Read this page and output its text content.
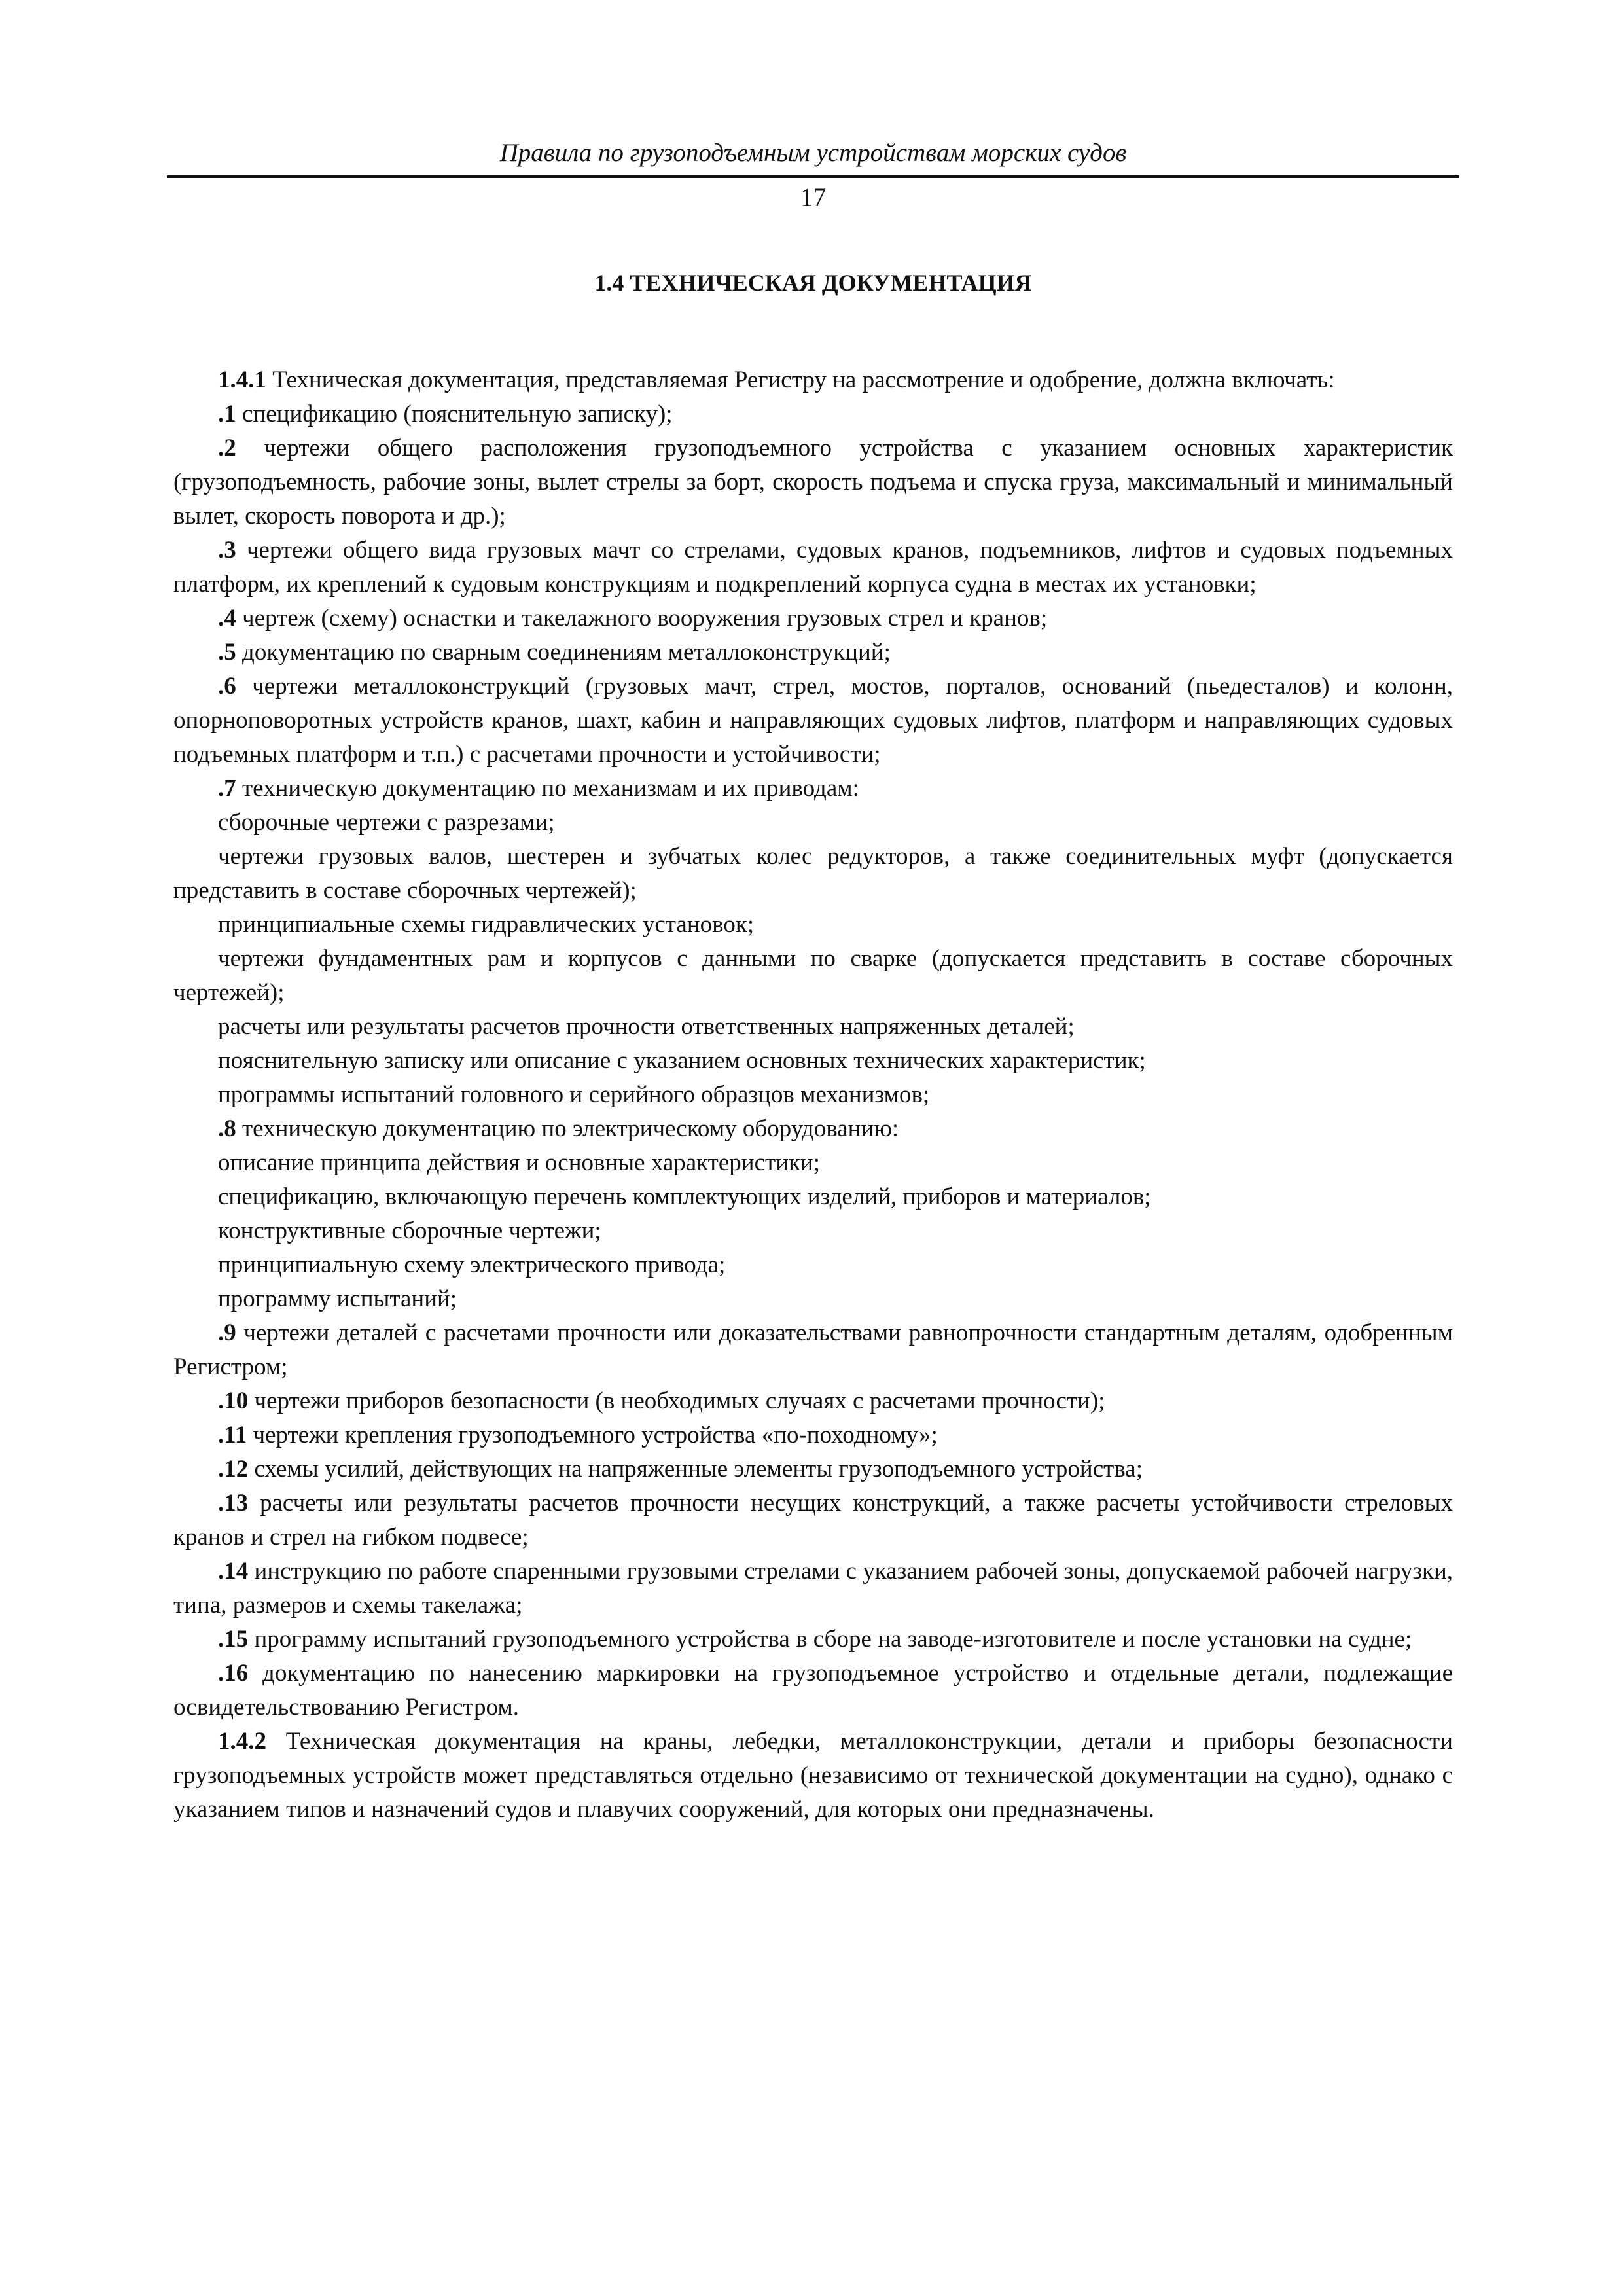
Правила по грузоподъемным устройствам морских судов
17
1.4 ТЕХНИЧЕСКАЯ ДОКУМЕНТАЦИЯ

1.4.1 Техническая документация, представляемая Регистру на рассмотрение и одобрение, должна включать:

.1 спецификацию (пояснительную записку);

.2 чертежи общего расположения грузоподъемного устройства с указанием основных характеристик (грузоподъемность, рабочие зоны, вылет стрелы за борт, скорость подъема и спуска груза, максимальный и минимальный вылет, скорость поворота и др.);

.3 чертежи общего вида грузовых мачт со стрелами, судовых кранов, подъемников, лифтов и судовых подъемных платформ, их креплений к судовым конструкциям и подкреплений корпуса судна в местах их установки;

.4 чертеж (схему) оснастки и такелажного вооружения грузовых стрел и кранов;

.5 документацию по сварным соединениям металлоконструкций;

.6 чертежи металлоконструкций (грузовых мачт, стрел, мостов, порталов, оснований (пьедесталов) и колонн, опорноповоротных устройств кранов, шахт, кабин и направляющих судовых лифтов, платформ и направляющих судовых подъемных платформ и т.п.) с расчетами прочности и устойчивости;

.7 техническую документацию по механизмам и их приводам:

сборочные чертежи с разрезами;

чертежи грузовых валов, шестерен и зубчатых колес редукторов, а также соединительных муфт (допускается представить в составе сборочных чертежей);

принципиальные схемы гидравлических установок;

чертежи фундаментных рам и корпусов с данными по сварке (допускается представить в составе сборочных чертежей);

расчеты или результаты расчетов прочности ответственных напряженных деталей;

пояснительную записку или описание с указанием основных технических характеристик;

программы испытаний головного и серийного образцов механизмов;

.8 техническую документацию по электрическому оборудованию:

описание принципа действия и основные характеристики;

спецификацию, включающую перечень комплектующих изделий, приборов и материалов;

конструктивные сборочные чертежи;

принципиальную схему электрического привода;

программу испытаний;

.9 чертежи деталей с расчетами прочности или доказательствами равнопрочности стандартным деталям, одобренным Регистром;

.10 чертежи приборов безопасности (в необходимых случаях с расчетами прочности);

.11 чертежи крепления грузоподъемного устройства «по-походному»;

.12 схемы усилий, действующих на напряженные элементы грузоподъемного устройства;

.13 расчеты или результаты расчетов прочности несущих конструкций, а также расчеты устойчивости стреловых кранов и стрел на гибком подвесе;

.14 инструкцию по работе спаренными грузовыми стрелами с указанием рабочей зоны, допускаемой рабочей нагрузки, типа, размеров и схемы такелажа;

.15 программу испытаний грузоподъемного устройства в сборе на заводе-изготовителе и после установки на судне;

.16 документацию по нанесению маркировки на грузоподъемное устройство и отдельные детали, подлежащие освидетельствованию Регистром.

1.4.2 Техническая документация на краны, лебедки, металлоконструкции, детали и приборы безопасности грузоподъемных устройств может представляться отдельно (независимо от технической документации на судно), однако с указанием типов и назначений судов и плавучих сооружений, для которых они предназначены.
